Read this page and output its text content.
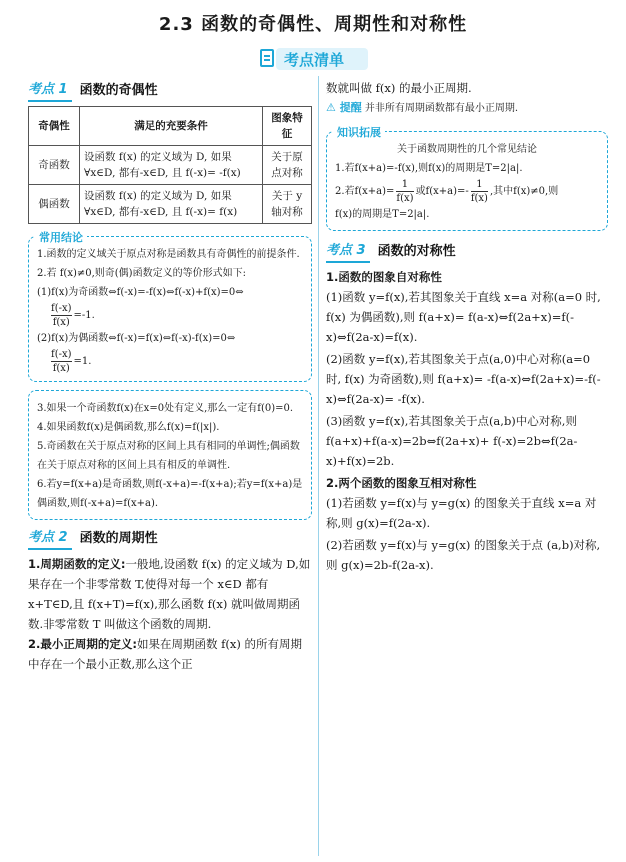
2.3 函数的奇偶性、周期性和对称性
考点清单
考点 1 函数的奇偶性
奇偶性	满足的充要条件	图象特征
奇函数	设函数 f(x) 的定义域为 D, 如果 ∀x∈D, 都有-x∈D, 且 f(-x)= -f(x)	关于原点对称
偶函数	设函数 f(x) 的定义域为 D, 如果 ∀x∈D, 都有-x∈D, 且 f(-x)= f(x)	关于 y 轴对称
常用结论

1.函数的定义域关于原点对称是函数具有奇偶性的前提条件.

2.若 f(x)≠0,则奇(偶)函数定义的等价形式如下:

(1)f(x)为奇函数⇔f(-x)=-f(x)⇔f(-x)+f(x)=0⇔

$\frac{f(-x)}{f(x)} =-1$.

(2)f(x)为偶函数⇔f(-x)=f(x)⇔f(-x)-f(x)=0⇔

$\frac{f(-x)}{f(x)} =1$.

3.如果一个奇函数f(x)在x=0处有定义,那么一定有f(0)=0.

4.如果函数f(x)是偶函数,那么f(x)=f(|x|).

5.奇函数在关于原点对称的区间上具有相同的单调性;偶函数在关于原点对称的区间上具有相反的单调性.

6.若y=f(x+a)是奇函数,则f(-x+a)=-f(x+a);若y=f(x+a)是偶函数,则f(-x+a)=f(x+a).

考点 2 函数的周期性

1.周期函数的定义:一般地,设函数 f(x) 的定义域为 D,如果存在一个非零常数 T,使得对每一个 x∈D 都有 x+T∈D,且 f(x+T)=f(x),那么函数 f(x) 就叫做周期函数.非零常数 T 叫做这个函数的周期.

2.最小正周期的定义:如果在周期函数 f(x) 的所有周期中存在一个最小正数,那么这个正

数就叫做 f(x) 的最小正周期.

⚠ 提醒 并非所有周期函数都有最小正周期.

知识拓展

关于函数周期性的几个常见结论

1.若f(x+a)=-f(x),则f(x)的周期是T=2|a|.

2.若$f(x+a)= \frac{1}{f(x)}$ 或$f(x+a)=- \frac{1}{f(x)}$ ,其中f(x)≠0,则

f(x)的周期是T=2|a|.

考点 3 函数的对称性

1.函数的图象自对称性

(1)函数 y=f(x),若其图象关于直线 x=a 对称(a=0 时, f(x) 为偶函数),则 f(a+x)= f(a-x)⇔f(2a+x)=f(-x)⇔f(2a-x)=f(x).

(2)函数 y=f(x),若其图象关于点(a,0)中心对称(a=0 时, f(x) 为奇函数),则 f(a+x)= -f(a-x)⇔f(2a+x)=-f(-x)⇔f(2a-x)= -f(x).

(3)函数 y=f(x),若其图象关于点(a,b)中心对称,则 f(a+x)+f(a-x)=2b⇔f(2a+x)+ f(-x)=2b⇔f(2a-x)+f(x)=2b.

2.两个函数的图象互相对称性

(1)若函数 y=f(x)与 y=g(x) 的图象关于直线 x=a 对称,则 g(x)=f(2a-x).

(2)若函数 y=f(x)与 y=g(x) 的图象关于点 (a,b)对称,则 g(x)=2b-f(2a-x).
